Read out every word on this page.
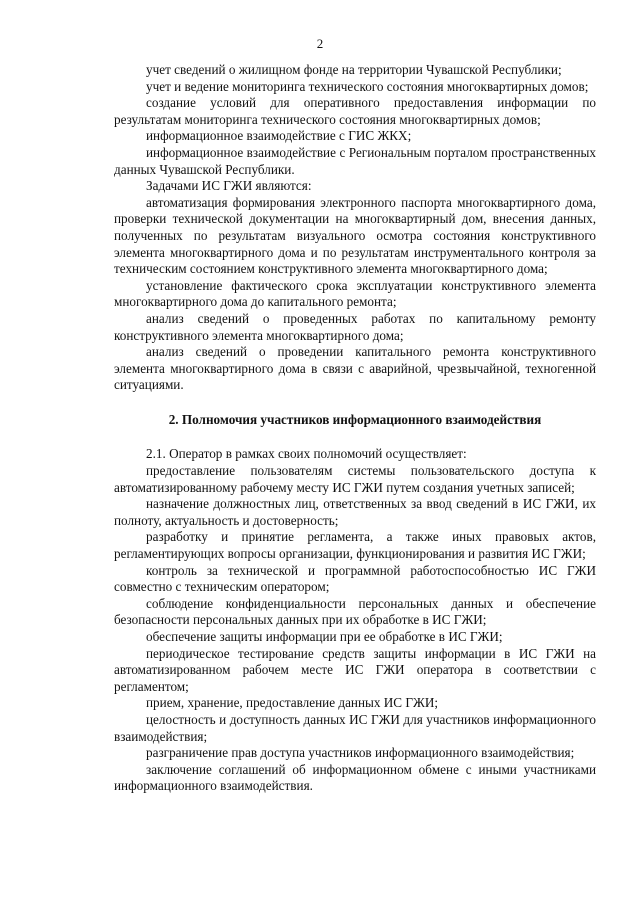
2

учет сведений о жилищном фонде на территории Чувашской Республики;

учет и ведение мониторинга технического состояния многоквартирных домов;

создание условий для оперативного предоставления информации по результатам мониторинга технического состояния многоквартирных домов;

информационное взаимодействие с ГИС ЖКХ;

информационное взаимодействие с Региональным порталом пространственных данных Чувашской Республики.

Задачами ИС ГЖИ являются:

автоматизация формирования электронного паспорта многоквартирного дома, проверки технической документации на многоквартирный дом, внесения данных, полученных по результатам визуального осмотра состояния конструктивного элемента многоквартирного дома и по результатам инструментального контроля за техническим состоянием конструктивного элемента многоквартирного дома;

установление фактического срока эксплуатации конструктивного элемента многоквартирного дома до капитального ремонта;

анализ сведений о проведенных работах по капитальному ремонту конструктивного элемента многоквартирного дома;

анализ сведений о проведении капитального ремонта конструктивного элемента многоквартирного дома в связи с аварийной, чрезвычайной, техногенной ситуациями.

2. Полномочия участников информационного взаимодействия

2.1. Оператор в рамках своих полномочий осуществляет:

предоставление пользователям системы пользовательского доступа к автоматизированному рабочему месту ИС ГЖИ путем создания учетных записей;

назначение должностных лиц, ответственных за ввод сведений в ИС ГЖИ, их полноту, актуальность и достоверность;

разработку и принятие регламента, а также иных правовых актов, регламентирующих вопросы организации, функционирования и развития ИС ГЖИ;

контроль за технической и программной работоспособностью ИС ГЖИ совместно с техническим оператором;

соблюдение конфиденциальности персональных данных и обеспечение безопасности персональных данных при их обработке в ИС ГЖИ;

обеспечение защиты информации при ее обработке в ИС ГЖИ;

периодическое тестирование средств защиты информации в ИС ГЖИ на автоматизированном рабочем месте ИС ГЖИ оператора в соответствии с регламентом;

прием, хранение, предоставление данных ИС ГЖИ;

целостность и доступность данных ИС ГЖИ для участников информационного взаимодействия;

разграничение прав доступа участников информационного взаимодействия;

заключение соглашений об информационном обмене с иными участниками информационного взаимодействия.
